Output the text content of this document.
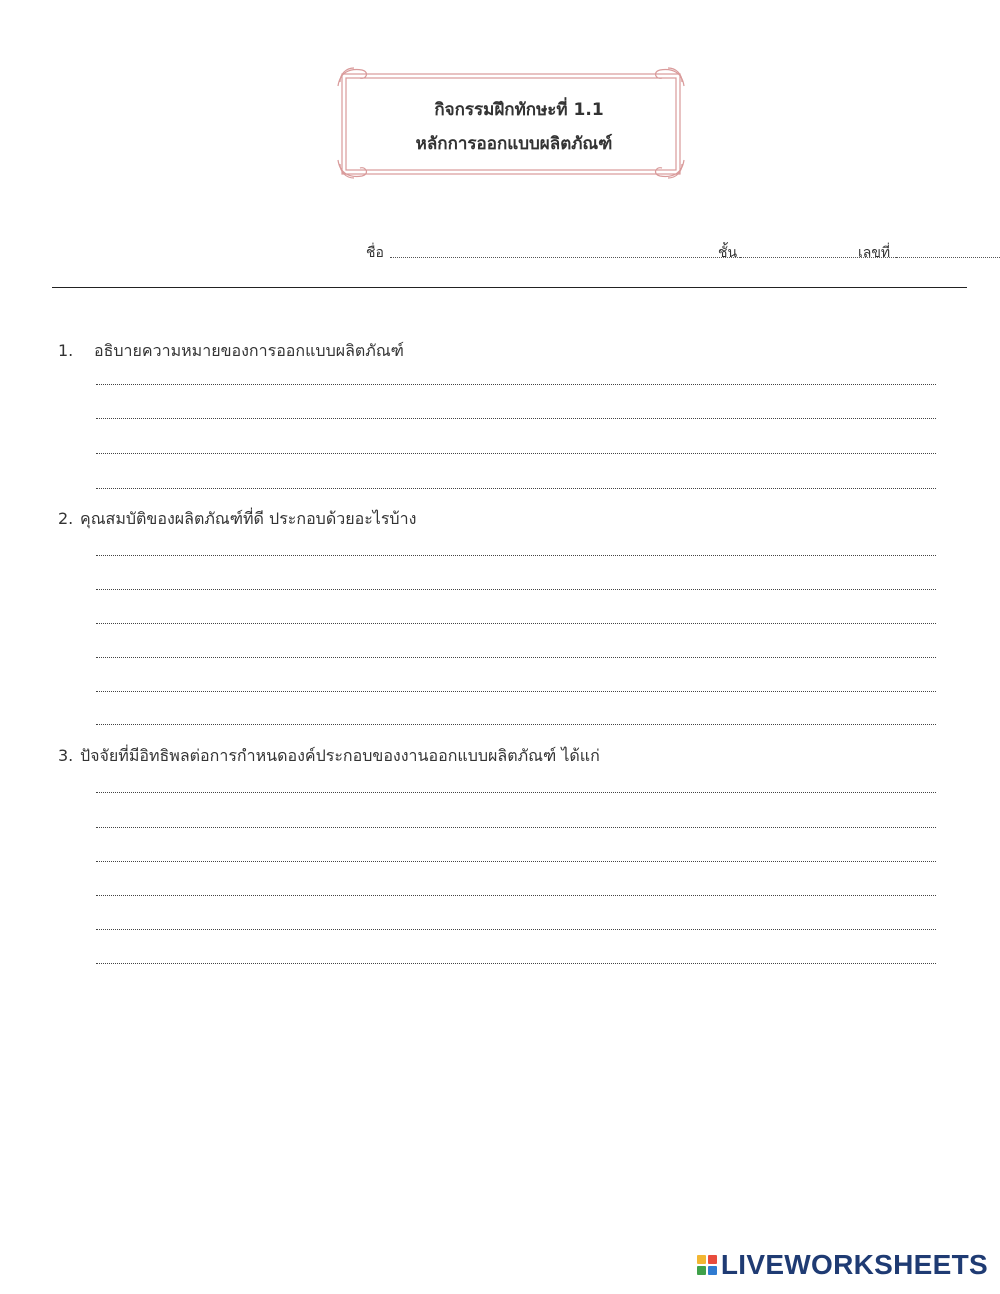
กิจกรรมฝึกทักษะที่ 1.1
หลักการออกแบบผลิตภัณฑ์
ชื่อ	ชั้น	เลขที่
1. อธิบายความหมายของการออกแบบผลิตภัณฑ์
2. คุณสมบัติของผลิตภัณฑ์ที่ดี ประกอบด้วยอะไรบ้าง
3. ปัจจัยที่มีอิทธิพลต่อการกำหนดองค์ประกอบของงานออกแบบผลิตภัณฑ์ ได้แก่
LIVEWORKSHEETS
